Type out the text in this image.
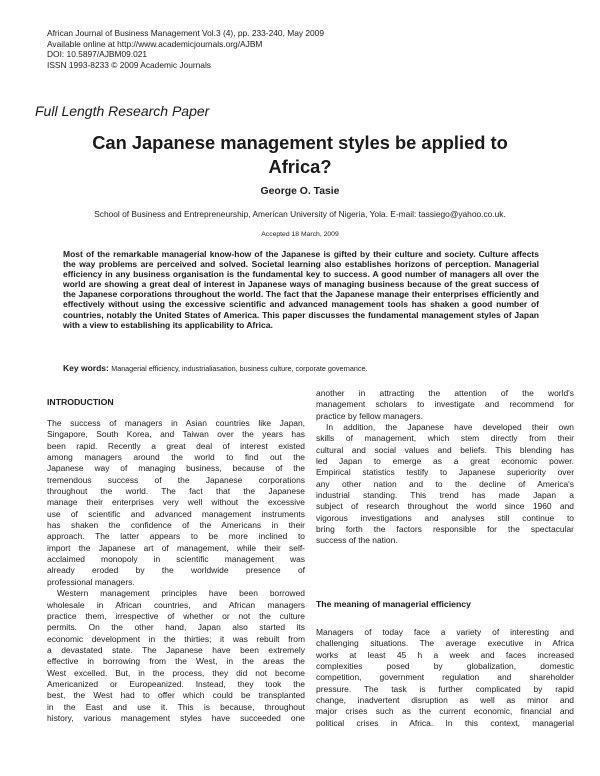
African Journal of Business Management Vol.3 (4), pp. 233-240, May 2009
Available online at http://www.academicjournals.org/AJBM
DOI: 10.5897/AJBM09.021
ISSN 1993-8233 © 2009 Academic Journals
Full Length Research Paper
Can Japanese management styles be applied to
Africa?
George O. Tasie
School of Business and Entrepreneurship, American University of Nigeria, Yola. E-mail: tassiego@yahoo.co.uk.
Accepted 18 March, 2009
Most of the remarkable managerial know-how of the Japanese is gifted by their culture and society. Culture affects the way problems are perceived and solved. Societal learning also establishes horizons of perception. Managerial efficiency in any business organisation is the fundamental key to success. A good number of managers all over the world are showing a great deal of interest in Japanese ways of managing business because of the great success of the Japanese corporations throughout the world. The fact that the Japanese manage their enterprises efficiently and effectively without using the excessive scientific and advanced management tools has shaken a good number of countries, notably the United States of America. This paper discusses the fundamental management styles of Japan with a view to establishing its applicability to Africa.
Key words: Managerial efficiency, industrialiasation, business culture, corporate governance.
INTRODUCTION
The success of managers in Asian countries like Japan,
Singapore, South Korea, and Taiwan over the years has
been rapid. Recently a great deal of interest existed
among managers around the world to find out the
Japanese way of managing business, because of the
tremendous success of the Japanese corporations
throughout the world. The fact that the Japanese
manage their enterprises very well without the excessive
use of scientific and advanced management instruments
has shaken the confidence of the Americans in their
approach. The latter appears to be more inclined to
import the Japanese art of management, while their self-
acclaimed monopoly in scientific management was
already eroded by the worldwide presence of
professional managers.
Western management principles have been borrowed
wholesale in African countries, and African managers
practice them, irrespective of whether or not the culture
permits. On the other hand, Japan also started its
economic development in the thirties; it was rebuilt from
a devastated state. The Japanese have been extremely
effective in borrowing from the West, in the areas the
West excelled. But, in the process, they did not become
Americanized or Europeanized. Instead, they took the
best, the West had to offer which could be transplanted
in the East and use it. This is because, throughout
history, various management styles have succeeded one
another in attracting the attention of the world's
management scholars to investigate and recommend for
practice by fellow managers.
In addition, the Japanese have developed their own
skills of management, which stem directly from their
cultural and social values and beliefs. This blending has
led Japan to emerge as a great economic power.
Empirical statistics testify to Japanese superiority over
any other nation and to the decline of America's
industrial standing. This trend has made Japan a
subject of research throughout the world since 1960 and
vigorous investigations and analyses still continue to
bring forth the factors responsible for the spectacular
success of the nation.
The meaning of managerial efficiency
Managers of today face a variety of interesting and
challenging situations. The average executive in Africa
works at least 45 h a week and faces increased
complexities posed by globalization, domestic
competition, government regulation and shareholder
pressure. The task is further complicated by rapid
change, inadvertent disruption as well as minor and
major crises such as the current economic, financial and
political crises in Africa. In this context, managerial
